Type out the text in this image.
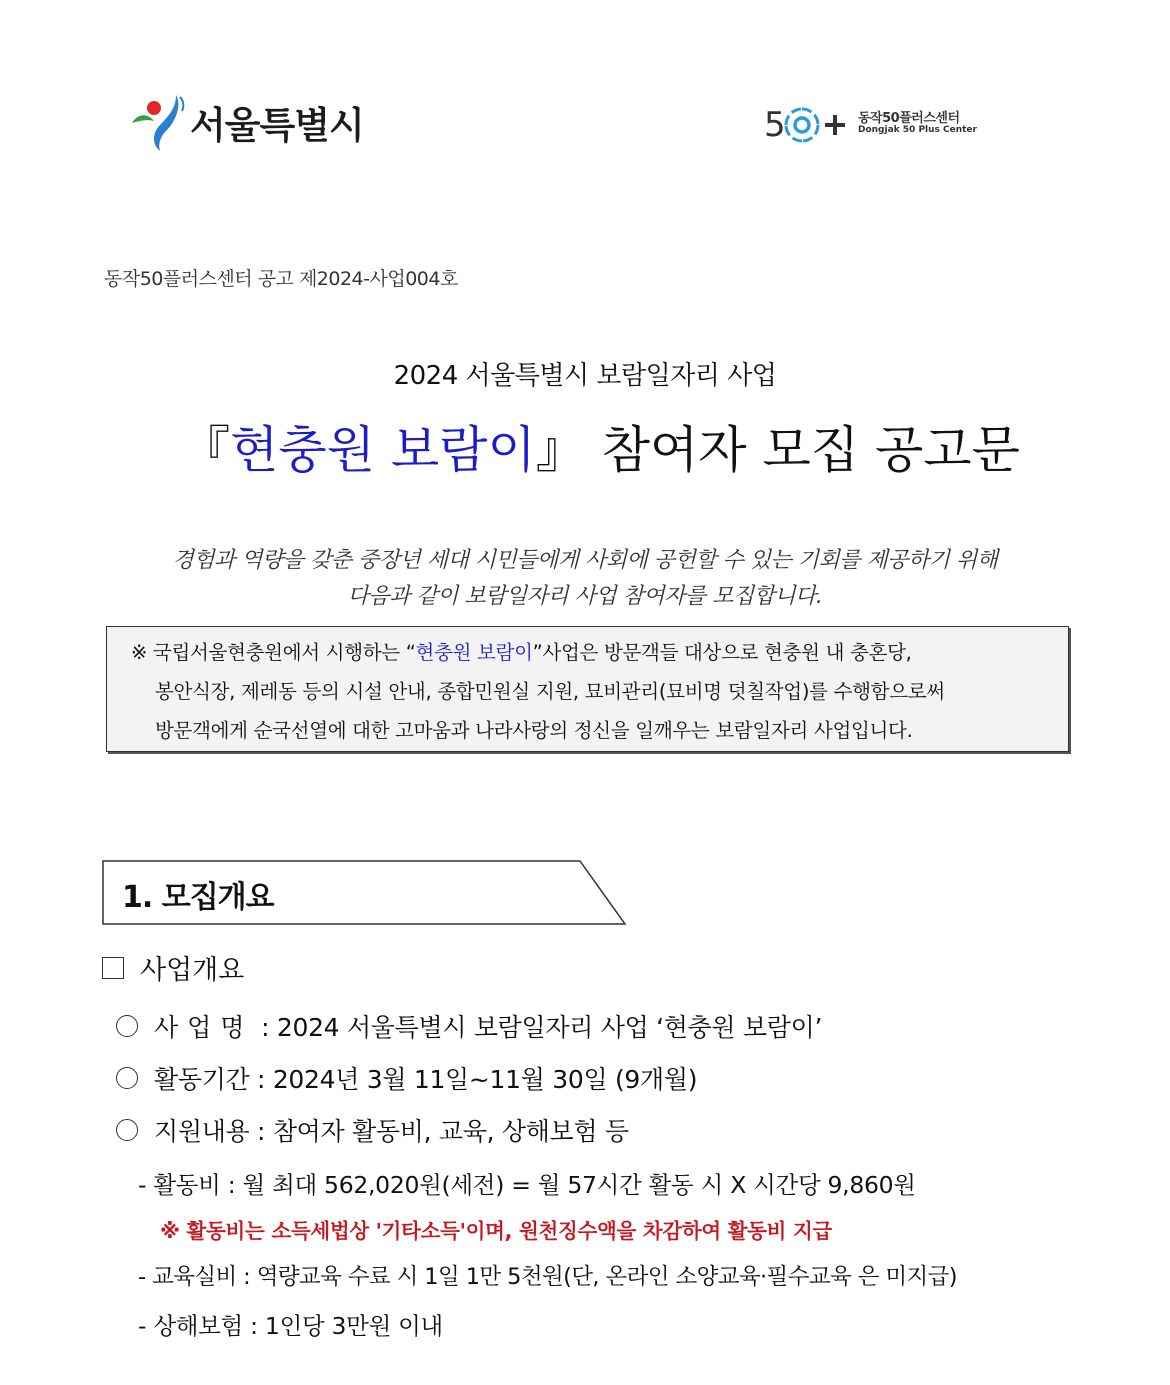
서울특별시	5	동작50플러스센터
Dongjak 50 Plus Center
동작50플러스센터 공고 제2024-사업004호
2024 서울특별시 보람일자리 사업
『현충원 보람이』 참여자 모집 공고문
경험과 역량을 갖춘 중장년 세대 시민들에게 사회에 공헌할 수 있는 기회를 제공하기 위해
다음과 같이 보람일자리 사업 참여자를 모집합니다.

※ 국립서울현충원에서 시행하는 “현충원 보람이”사업은 방문객들 대상으로 현충원 내 충혼당,

봉안식장, 제레동 등의 시설 안내, 종합민원실 지원, 묘비관리(묘비명 덧칠작업)를 수행함으로써

방문객에게 순국선열에 대한 고마움과 나라사랑의 정신을 일깨우는 보람일자리 사업입니다.

1. 모집개요
사업개요
사업명 : 2024 서울특별시 보람일자리 사업 ‘현충원 보람이’
활동기간 : 2024년 3월 11일~11월 30일 (9개월)
지원내용 : 참여자 활동비, 교육, 상해보험 등
- 활동비 : 월 최대 562,020원(세전) = 월 57시간 활동 시 X 시간당 9,860원
※ 활동비는 소득세법상 '기타소득'이며, 원천징수액을 차감하여 활동비 지급
- 교육실비 : 역량교육 수료 시 1일 1만 5천원(단, 온라인 소양교육·필수교육 은 미지급)
- 상해보험 : 1인당 3만원 이내
